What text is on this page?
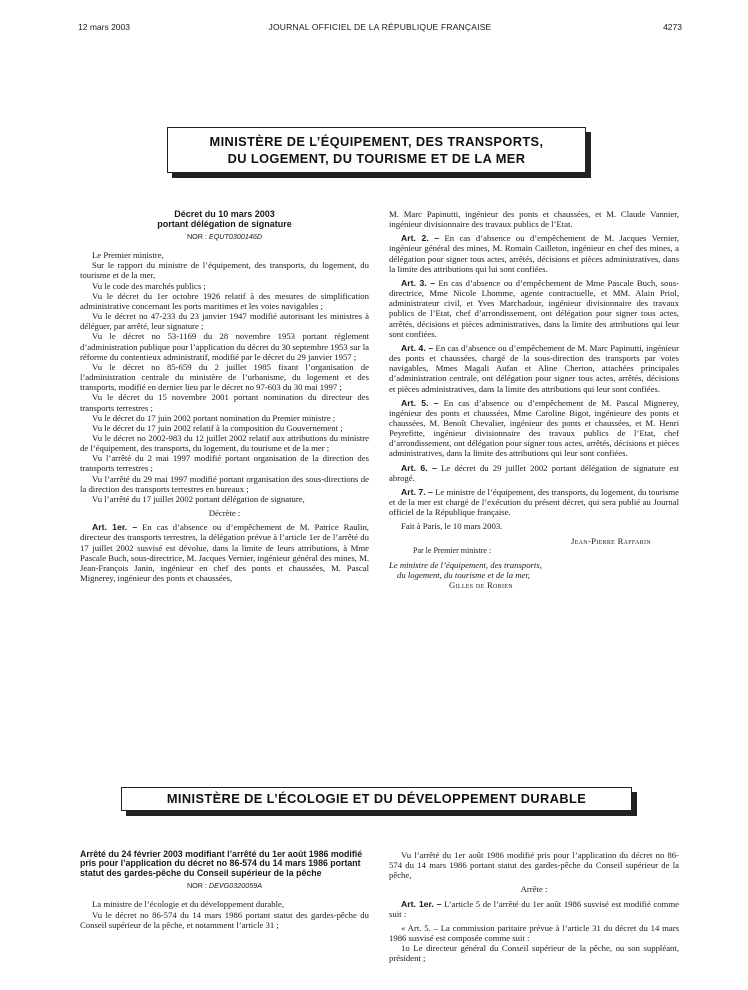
12 mars 2003	JOURNAL OFFICIEL DE LA RÉPUBLIQUE FRANÇAISE	4273
MINISTÈRE DE L’ÉQUIPEMENT, DES TRANSPORTS,
DU LOGEMENT, DU TOURISME ET DE LA MER
Décret du 10 mars 2003
portant délégation de signature
NOR : EQUT0300146D

Le Premier ministre,

Sur le rapport du ministre de l’équipement, des transports, du logement, du tourisme et de la mer,

Vu le code des marchés publics ;

Vu le décret du 1er octobre 1926 relatif à des mesures de simplification administrative concernant les ports maritimes et les voies navigables ;

Vu le décret no 47-233 du 23 janvier 1947 modifié autorisant les ministres à déléguer, par arrêté, leur signature ;

Vu le décret no 53-1169 du 28 novembre 1953 portant règlement d’administration publique pour l’application du décret du 30 septembre 1953 sur la réforme du contentieux administratif, modifié par le décret du 29 janvier 1957 ;

Vu le décret no 85-659 du 2 juillet 1985 fixant l’organisation de l’administration centrale du ministère de l’urbanisme, du logement et des transports, modifié en dernier lieu par le décret no 97-603 du 30 mai 1997 ;

Vu le décret du 15 novembre 2001 portant nomination du directeur des transports terrestres ;

Vu le décret du 17 juin 2002 portant nomination du Premier ministre ;

Vu le décret du 17 juin 2002 relatif à la composition du Gouvernement ;

Vu le décret no 2002-983 du 12 juillet 2002 relatif aux attributions du ministre de l’équipement, des transports, du logement, du tourisme et de la mer ;

Vu l’arrêté du 2 mai 1997 modifié portant organisation de la direction des transports terrestres ;

Vu l’arrêté du 29 mai 1997 modifié portant organisation des sous-directions de la direction des transports terrestres en bureaux ;

Vu l’arrêté du 17 juillet 2002 portant délégation de signature,

Décrète :

Art. 1er. – En cas d’absence ou d’empêchement de M. Patrice Raulin, directeur des transports terrestres, la délégation prévue à l’article 1er de l’arrêté du 17 juillet 2002 susvisé est dévolue, dans la limite de leurs attributions, à Mme Pascale Buch, sous-directrice, M. Jacques Vernier, ingénieur général des mines, M. Jean-François Janin, ingénieur en chef des ponts et chaussées, M. Pascal Mignerey, ingénieur des ponts et chaussées,

M. Marc Papinutti, ingénieur des ponts et chaussées, et M. Claude Vannier, ingénieur divisionnaire des travaux publics de l’Etat.

Art. 2. – En cas d’absence ou d’empêchement de M. Jacques Vernier, ingénieur général des mines, M. Romain Cailleton, ingénieur en chef des mines, a délégation pour signer tous actes, arrêtés, décisions et pièces administratives, dans la limite des attributions qui lui sont confiées.

Art. 3. – En cas d’absence ou d’empêchement de Mme Pascale Buch, sous-directrice, Mme Nicole Lhomme, agente contractuelle, et MM. Alain Priol, administrateur civil, et Yves Marchadour, ingénieur divisionnaire des travaux publics de l’Etat, chef d’arrondissement, ont délégation pour signer tous actes, arrêtés, décisions et pièces administratives, dans la limite des attributions qui leur sont confiées.

Art. 4. – En cas d’absence ou d’empêchement de M. Marc Papinutti, ingénieur des ponts et chaussées, chargé de la sous-direction des transports par voies navigables, Mmes Magali Aufan et Aline Cherton, attachées principales d’administration centrale, ont délégation pour signer tous actes, arrêtés, décisions et pièces administratives, dans la limite des attributions qui leur sont confiées.

Art. 5. – En cas d’absence ou d’empêchement de M. Pascal Mignerey, ingénieur des ponts et chaussées, Mme Caroline Bigot, ingénieure des ponts et chaussées, M. Benoît Chevalier, ingénieur des ponts et chaussées, et M. Henri Peyrefitte, ingénieur divisionnaire des travaux publics de l’Etat, chef d’arrondissement, ont délégation pour signer tous actes, arrêtés, décisions et pièces administratives, dans la limite des attributions qui leur sont confiées.

Art. 6. – Le décret du 29 juillet 2002 portant délégation de signature est abrogé.

Art. 7. – Le ministre de l’équipement, des transports, du logement, du tourisme et de la mer est chargé de l’exécution du présent décret, qui sera publié au Journal officiel de la République française.

Fait à Paris, le 10 mars 2003.

Jean-Pierre Raffarin
Par le Premier ministre :
Le ministre de l’équipement, des transports,
du logement, du tourisme et de la mer,
Gilles de Robien
MINISTÈRE DE L’ÉCOLOGIE ET DU DÉVELOPPEMENT DURABLE
Arrêté du 24 février 2003 modifiant l’arrêté du 1er août 1986 modifié pris pour l’application du décret no 86-574 du 14 mars 1986 portant statut des gardes-pêche du Conseil supérieur de la pêche
NOR : DEVG0320059A

La ministre de l’écologie et du développement durable,

Vu le décret no 86-574 du 14 mars 1986 portant statut des gardes-pêche du Conseil supérieur de la pêche, et notamment l’article 31 ;

Vu l’arrêté du 1er août 1986 modifié pris pour l’application du décret no 86-574 du 14 mars 1986 portant statut des gardes-pêche du Conseil supérieur de la pêche,

Arrête :

Art. 1er. – L’article 5 de l’arrêté du 1er août 1986 susvisé est modifié comme suit :

« Art. 5. – La commission paritaire prévue à l’article 31 du décret du 14 mars 1986 susvisé est composée comme suit :

1o Le directeur général du Conseil supérieur de la pêche, ou son suppléant, président ;
